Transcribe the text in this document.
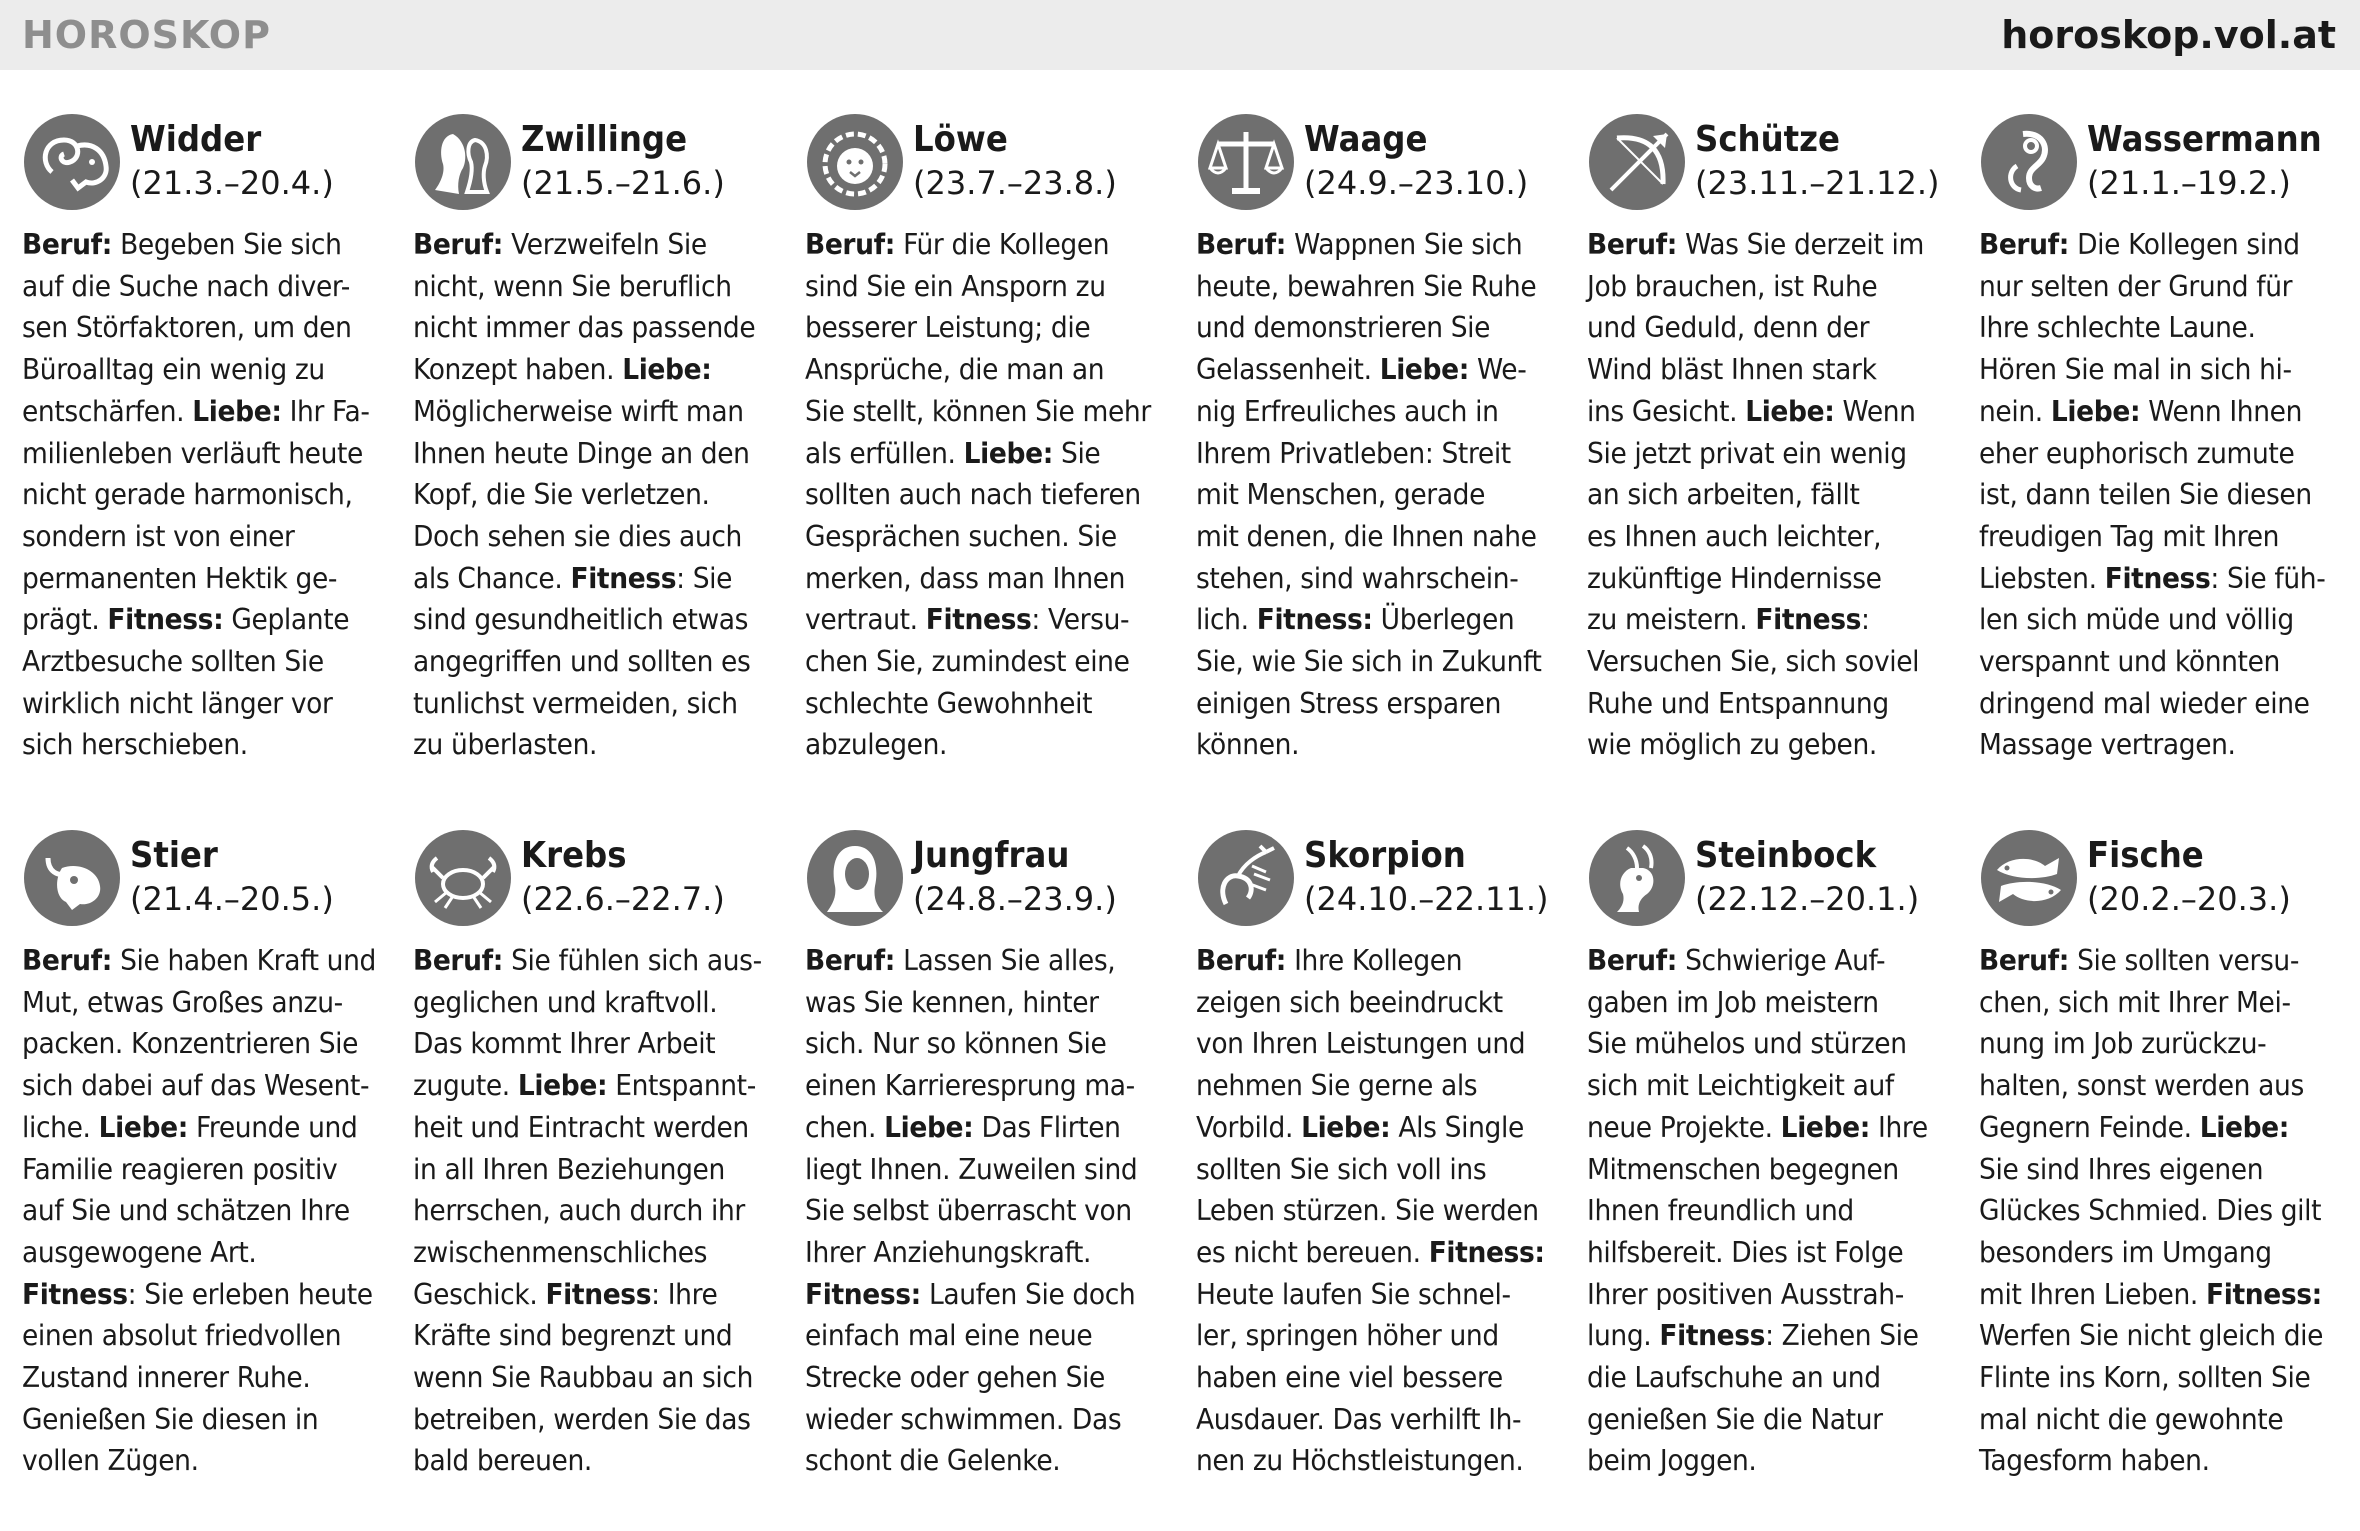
HOROSKOP	horoskop.vol.at
Widder
(21.3.–20.4.)
Beruf: Begeben Sie sich
auf die Suche nach diver-
sen Störfaktoren, um den
Büroalltag ein wenig zu
entschärfen. Liebe: Ihr Fa-
milienleben verläuft heute
nicht gerade harmonisch,
sondern ist von einer
permanenten Hektik ge-
prägt. Fitness: Geplante
Arztbesuche sollten Sie
wirklich nicht länger vor
sich herschieben.
Zwillinge
(21.5.–21.6.)
Beruf: Verzweifeln Sie
nicht, wenn Sie beruflich
nicht immer das passende
Konzept haben. Liebe:
Möglicherweise wirft man
Ihnen heute Dinge an den
Kopf, die Sie verletzen.
Doch sehen sie dies auch
als Chance. Fitness: Sie
sind gesundheitlich etwas
angegriffen und sollten es
tunlichst vermeiden, sich
zu überlasten.
Löwe
(23.7.–23.8.)
Beruf: Für die Kollegen
sind Sie ein Ansporn zu
besserer Leistung; die
Ansprüche, die man an
Sie stellt, können Sie mehr
als erfüllen. Liebe: Sie
sollten auch nach tieferen
Gesprächen suchen. Sie
merken, dass man Ihnen
vertraut. Fitness: Versu-
chen Sie, zumindest eine
schlechte Gewohnheit
abzulegen.
Waage
(24.9.–23.10.)
Beruf: Wappnen Sie sich
heute, bewahren Sie Ruhe
und demonstrieren Sie
Gelassenheit. Liebe: We-
nig Erfreuliches auch in
Ihrem Privatleben: Streit
mit Menschen, gerade
mit denen, die Ihnen nahe
stehen, sind wahrschein-
lich. Fitness: Überlegen
Sie, wie Sie sich in Zukunft
einigen Stress ersparen
können.
Schütze
(23.11.–21.12.)
Beruf: Was Sie derzeit im
Job brauchen, ist Ruhe
und Geduld, denn der
Wind bläst Ihnen stark
ins Gesicht. Liebe: Wenn
Sie jetzt privat ein wenig
an sich arbeiten, fällt
es Ihnen auch leichter,
zukünftige Hindernisse
zu meistern. Fitness:
Versuchen Sie, sich soviel
Ruhe und Entspannung
wie möglich zu geben.
Wassermann
(21.1.–19.2.)
Beruf: Die Kollegen sind
nur selten der Grund für
Ihre schlechte Laune.
Hören Sie mal in sich hi-
nein. Liebe: Wenn Ihnen
eher euphorisch zumute
ist, dann teilen Sie diesen
freudigen Tag mit Ihren
Liebsten. Fitness: Sie füh-
len sich müde und völlig
verspannt und könnten
dringend mal wieder eine
Massage vertragen.
Stier
(21.4.–20.5.)
Beruf: Sie haben Kraft und
Mut, etwas Großes anzu-
packen. Konzentrieren Sie
sich dabei auf das Wesent-
liche. Liebe: Freunde und
Familie reagieren positiv
auf Sie und schätzen Ihre
ausgewogene Art.
Fitness: Sie erleben heute
einen absolut friedvollen
Zustand innerer Ruhe.
Genießen Sie diesen in
vollen Zügen.
Krebs
(22.6.–22.7.)
Beruf: Sie fühlen sich aus-
geglichen und kraftvoll.
Das kommt Ihrer Arbeit
zugute. Liebe: Entspannt-
heit und Eintracht werden
in all Ihren Beziehungen
herrschen, auch durch ihr
zwischenmenschliches
Geschick. Fitness: Ihre
Kräfte sind begrenzt und
wenn Sie Raubbau an sich
betreiben, werden Sie das
bald bereuen.
Jungfrau
(24.8.–23.9.)
Beruf: Lassen Sie alles,
was Sie kennen, hinter
sich. Nur so können Sie
einen Karrieresprung ma-
chen. Liebe: Das Flirten
liegt Ihnen. Zuweilen sind
Sie selbst überrascht von
Ihrer Anziehungskraft.
Fitness: Laufen Sie doch
einfach mal eine neue
Strecke oder gehen Sie
wieder schwimmen. Das
schont die Gelenke.
Skorpion
(24.10.–22.11.)
Beruf: Ihre Kollegen
zeigen sich beeindruckt
von Ihren Leistungen und
nehmen Sie gerne als
Vorbild. Liebe: Als Single
sollten Sie sich voll ins
Leben stürzen. Sie werden
es nicht bereuen. Fitness:
Heute laufen Sie schnel-
ler, springen höher und
haben eine viel bessere
Ausdauer. Das verhilft Ih-
nen zu Höchstleistungen.
Steinbock
(22.12.–20.1.)
Beruf: Schwierige Auf-
gaben im Job meistern
Sie mühelos und stürzen
sich mit Leichtigkeit auf
neue Projekte. Liebe: Ihre
Mitmenschen begegnen
Ihnen freundlich und
hilfsbereit. Dies ist Folge
Ihrer positiven Ausstrah-
lung. Fitness: Ziehen Sie
die Laufschuhe an und
genießen Sie die Natur
beim Joggen.
Fische
(20.2.–20.3.)
Beruf: Sie sollten versu-
chen, sich mit Ihrer Mei-
nung im Job zurückzu-
halten, sonst werden aus
Gegnern Feinde. Liebe:
Sie sind Ihres eigenen
Glückes Schmied. Dies gilt
besonders im Umgang
mit Ihren Lieben. Fitness:
Werfen Sie nicht gleich die
Flinte ins Korn, sollten Sie
mal nicht die gewohnte
Tagesform haben.
